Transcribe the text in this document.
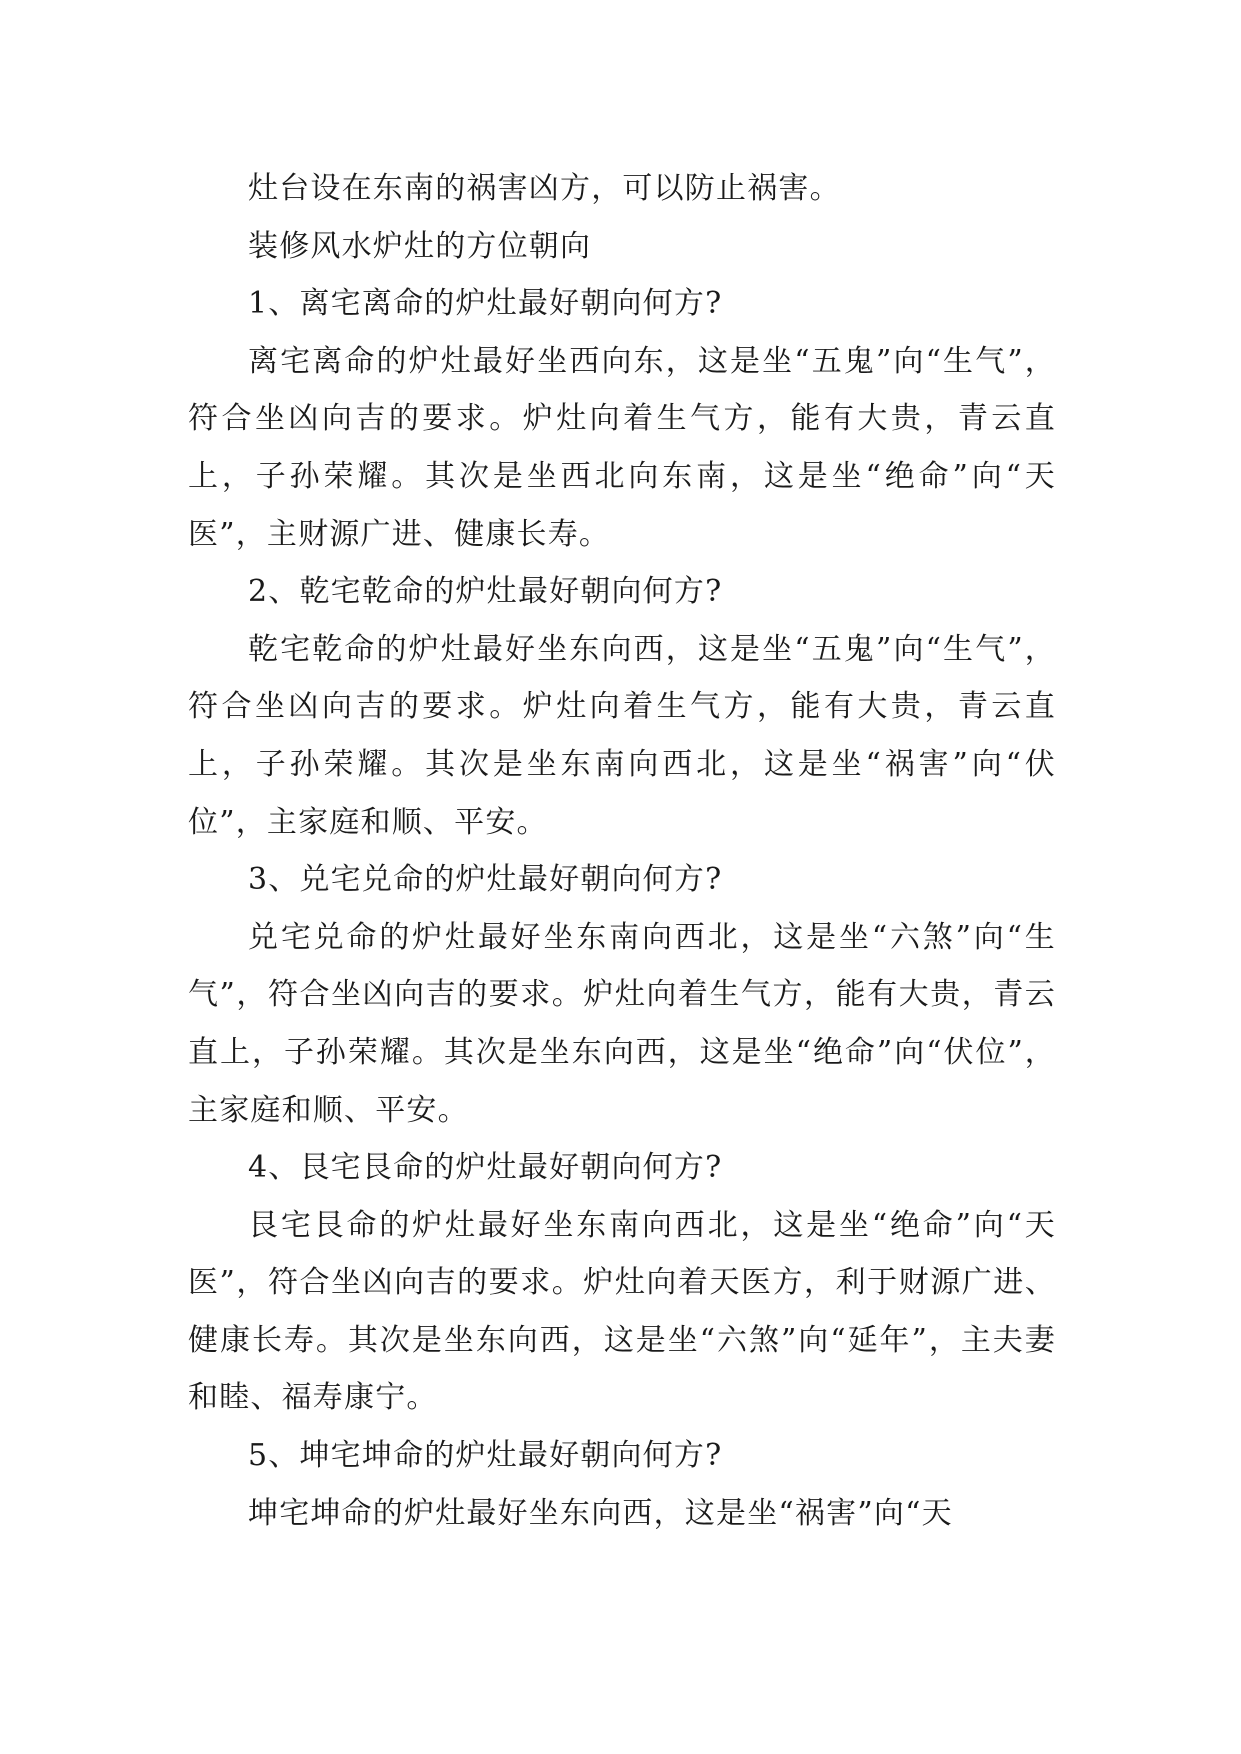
灶台设在东南的祸害凶方，可以防止祸害。

装修风水炉灶的方位朝向

1、离宅离命的炉灶最好朝向何方?

离宅离命的炉灶最好坐西向东，这是坐“五鬼”向“生气”，符合坐凶向吉的要求。炉灶向着生气方，能有大贵，青云直上，子孙荣耀。其次是坐西北向东南，这是坐“绝命”向“天医”，主财源广进、健康长寿。

2、乾宅乾命的炉灶最好朝向何方?

乾宅乾命的炉灶最好坐东向西，这是坐“五鬼”向“生气”，符合坐凶向吉的要求。炉灶向着生气方，能有大贵，青云直上，子孙荣耀。其次是坐东南向西北，这是坐“祸害”向“伏位”，主家庭和顺、平安。

3、兑宅兑命的炉灶最好朝向何方?

兑宅兑命的炉灶最好坐东南向西北，这是坐“六煞”向“生气”，符合坐凶向吉的要求。炉灶向着生气方，能有大贵，青云直上，子孙荣耀。其次是坐东向西，这是坐“绝命”向“伏位”，主家庭和顺、平安。

4、艮宅艮命的炉灶最好朝向何方?

艮宅艮命的炉灶最好坐东南向西北，这是坐“绝命”向“天医”，符合坐凶向吉的要求。炉灶向着天医方，利于财源广进、健康长寿。其次是坐东向西，这是坐“六煞”向“延年”，主夫妻和睦、福寿康宁。

5、坤宅坤命的炉灶最好朝向何方?

坤宅坤命的炉灶最好坐东向西，这是坐“祸害”向“天
